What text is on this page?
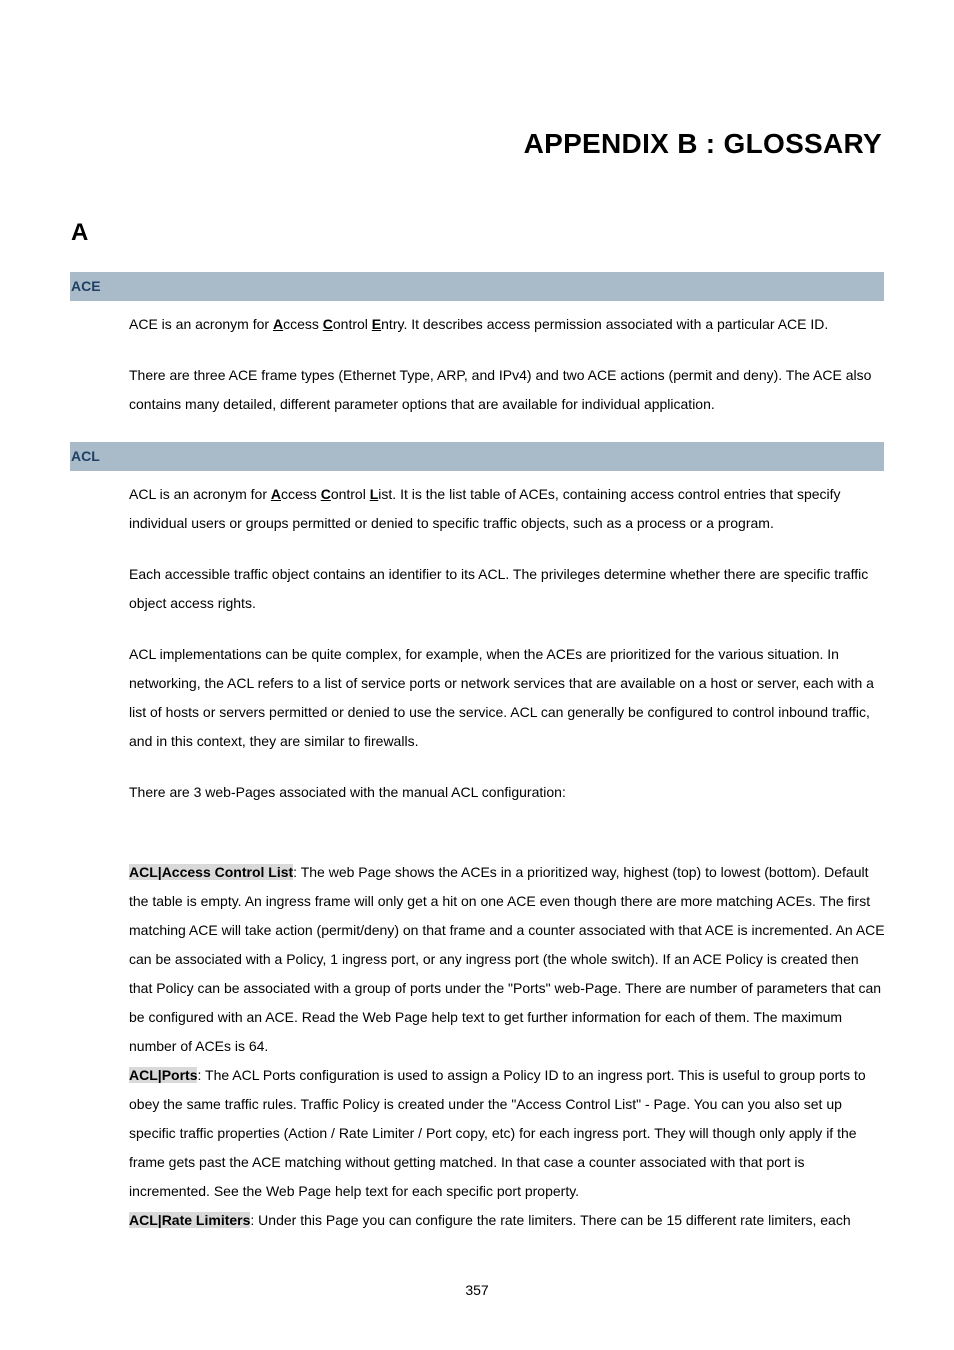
APPENDIX B : GLOSSARY
A
ACE

ACE is an acronym for Access Control Entry. It describes access permission associated with a particular ACE ID.

There are three ACE frame types (Ethernet Type, ARP, and IPv4) and two ACE actions (permit and deny). The ACE also contains many detailed, different parameter options that are available for individual application.

ACL

ACL is an acronym for Access Control List. It is the list table of ACEs, containing access control entries that specify individual users or groups permitted or denied to specific traffic objects, such as a process or a program.

Each accessible traffic object contains an identifier to its ACL. The privileges determine whether there are specific traffic object access rights.

ACL implementations can be quite complex, for example, when the ACEs are prioritized for the various situation. In networking, the ACL refers to a list of service ports or network services that are available on a host or server, each with a list of hosts or servers permitted or denied to use the service. ACL can generally be configured to control inbound traffic, and in this context, they are similar to firewalls.

There are 3 web-Pages associated with the manual ACL configuration:

ACL|Access Control List: The web Page shows the ACEs in a prioritized way, highest (top) to lowest (bottom). Default the table is empty. An ingress frame will only get a hit on one ACE even though there are more matching ACEs. The first matching ACE will take action (permit/deny) on that frame and a counter associated with that ACE is incremented. An ACE can be associated with a Policy, 1 ingress port, or any ingress port (the whole switch). If an ACE Policy is created then that Policy can be associated with a group of ports under the "Ports" web-Page. There are number of parameters that can be configured with an ACE. Read the Web Page help text to get further information for each of them. The maximum number of ACEs is 64.

ACL|Ports: The ACL Ports configuration is used to assign a Policy ID to an ingress port. This is useful to group ports to obey the same traffic rules. Traffic Policy is created under the "Access Control List" - Page. You can you also set up specific traffic properties (Action / Rate Limiter / Port copy, etc) for each ingress port. They will though only apply if the frame gets past the ACE matching without getting matched. In that case a counter associated with that port is incremented. See the Web Page help text for each specific port property.

ACL|Rate Limiters: Under this Page you can configure the rate limiters. There can be 15 different rate limiters, each

357
